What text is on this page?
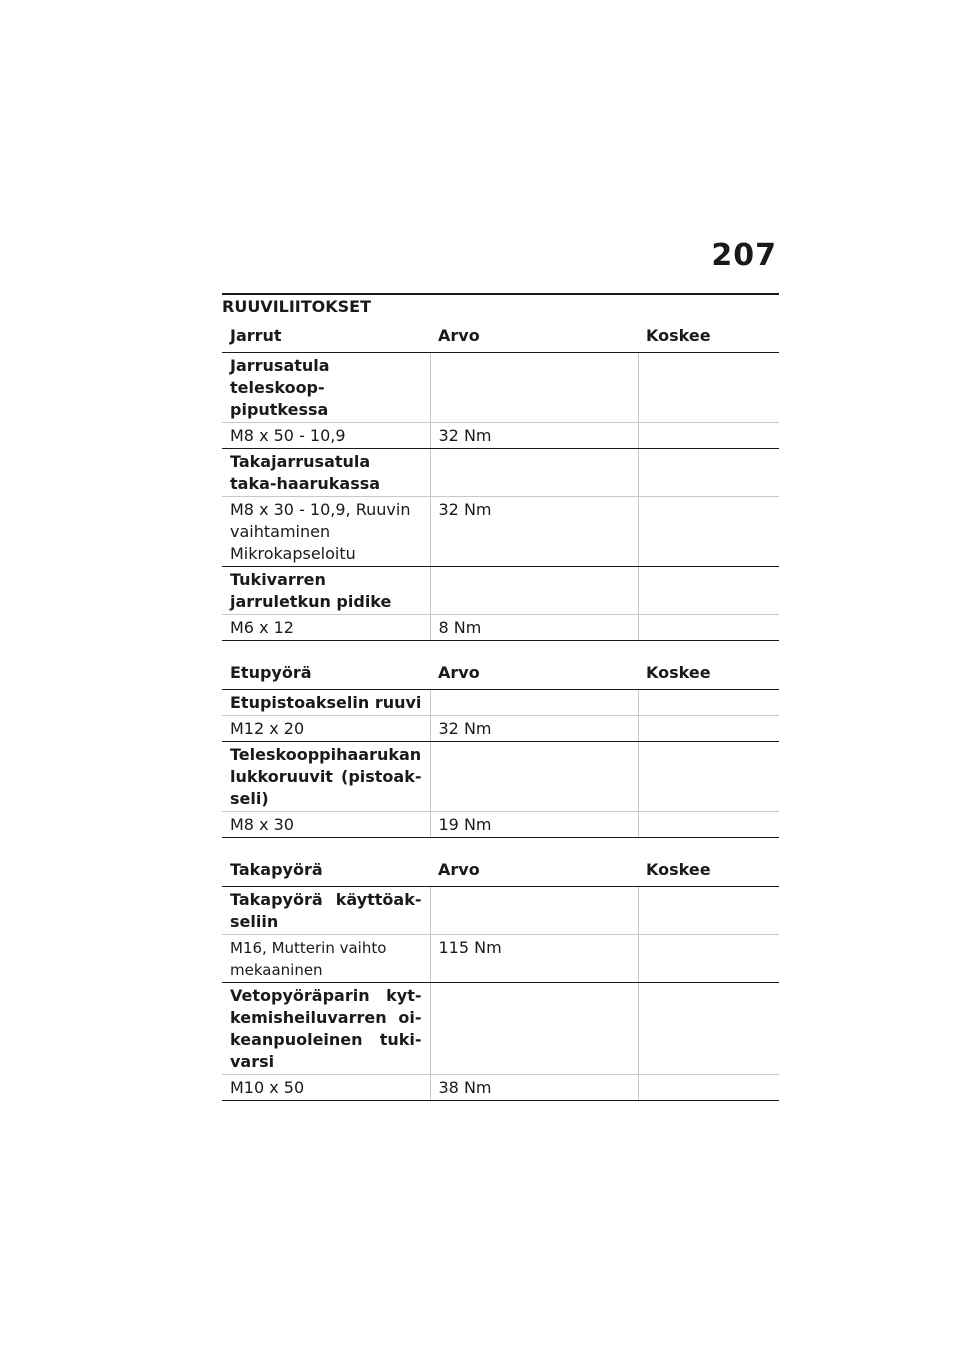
207
RUUVILIITOKSET
Jarrut	Arvo	Koskee
Jarrusatula teleskoop-piputkessa		
M8 x 50 - 10,9	32 Nm	
Takajarrusatula taka-haarukassa		
M8 x 30 - 10,9, Ruuvin vaihtaminen Mikrokapseloitu	32 Nm	
Tukivarren jarruletkun pidike		
M6 x 12	8 Nm	
Etupyörä	Arvo	Koskee
Etupistoakselin ruuvi		
M12 x 20	32 Nm	
Teleskooppihaarukan lukkoruuvit (pistoak-seli)		
M8 x 30	19 Nm	
Takapyörä	Arvo	Koskee
Takapyörä käyttöak-seliin		
M16, Mutterin vaihto mekaaninen	115 Nm	
Vetopyöräparin kyt-kemisheiluvarren oi-keanpuoleinen tuki-varsi		
M10 x 50	38 Nm	
